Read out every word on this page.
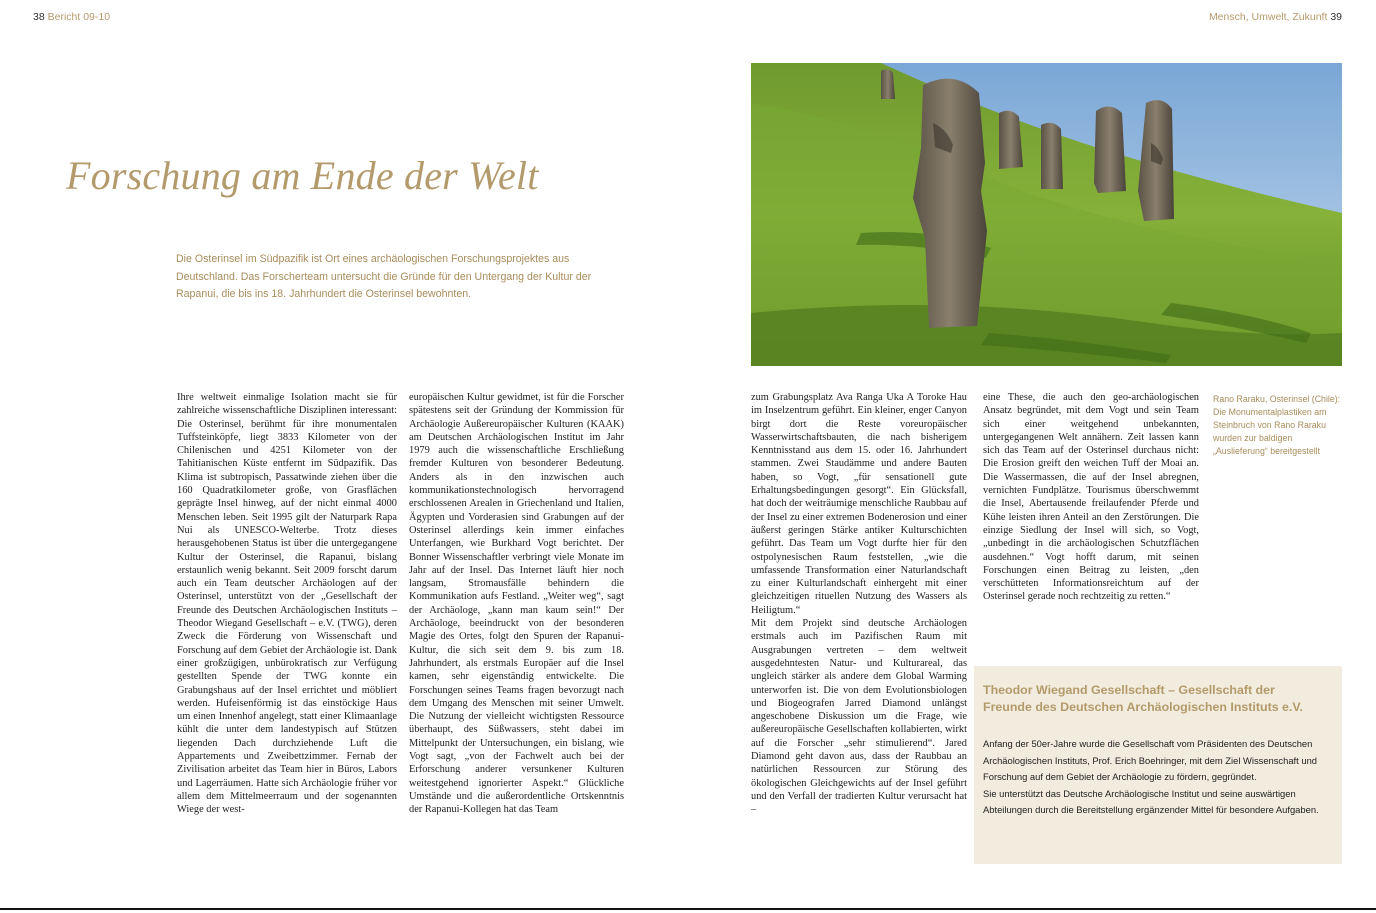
38 Bericht 09-10	Mensch, Umwelt, Zukunft 39
Forschung am Ende der Welt
Die Osterinsel im Südpazifik ist Ort eines archäologischen Forschungsprojektes aus Deutschland. Das Forscherteam untersucht die Gründe für den Untergang der Kultur der Rapanui, die bis ins 18. Jahrhundert die Osterinsel bewohnten.

Ihre weltweit einmalige Isolation macht sie für zahlreiche wissenschaftliche Disziplinen interessant: Die Osterinsel, berühmt für ihre monumentalen Tuffsteinköpfe, liegt 3833 Kilometer von der Chilenischen und 4251 Kilometer von der Tahitianischen Küste entfernt im Südpazifik. Das Klima ist subtropisch, Passatwinde ziehen über die 160 Quadratkilometer große, von Grasflächen geprägte Insel hinweg, auf der nicht einmal 4000 Menschen leben. Seit 1995 gilt der Naturpark Rapa Nui als UNESCO-Welterbe. Trotz dieses herausgehobenen Status ist über die untergegangene Kultur der Osterinsel, die Rapanui, bislang erstaunlich wenig bekannt. Seit 2009 forscht darum auch ein Team deutscher Archäologen auf der Osterinsel, unterstützt von der „Gesellschaft der Freunde des Deutschen Archäologischen Instituts – Theodor Wiegand Gesellschaft – e.V. (TWG), deren Zweck die Förderung von Wissenschaft und Forschung auf dem Gebiet der Archäologie ist. Dank einer großzügigen, unbürokratisch zur Verfügung gestellten Spende der TWG konnte ein Grabungshaus auf der Insel errichtet und möbliert werden. Hufeisenförmig ist das einstöckige Haus um einen Innenhof angelegt, statt einer Klimaanlage kühlt die unter dem landestypisch auf Stützen liegenden Dach durchziehende Luft die Appartements und Zweibettzimmer. Fernab der Zivilisation arbeitet das Team hier in Büros, Labors und Lagerräumen. Hatte sich Archäologie früher vor allem dem Mittelmeerraum und der sogenannten Wiege der west-

europäischen Kultur gewidmet, ist für die Forscher spätestens seit der Gründung der Kommission für Archäologie Außereuropäischer Kulturen (KAAK) am Deutschen Archäologischen Institut im Jahr 1979 auch die wissenschaftliche Erschließung fremder Kulturen von besonderer Bedeutung. Anders als in den inzwischen auch kommunikationstechnologisch hervorragend erschlossenen Arealen in Griechenland und Italien, Ägypten und Vorderasien sind Grabungen auf der Osterinsel allerdings kein immer einfaches Unterfangen, wie Burkhard Vogt berichtet. Der Bonner Wissenschaftler verbringt viele Monate im Jahr auf der Insel. Das Internet läuft hier noch langsam, Stromausfälle behindern die Kommunikation aufs Festland. „Weiter weg“, sagt der Archäologe, „kann man kaum sein!“ Der Archäologe, beeindruckt von der besonderen Magie des Ortes, folgt den Spuren der Rapanui-Kultur, die sich seit dem 9. bis zum 18. Jahrhundert, als erstmals Europäer auf die Insel kamen, sehr eigenständig entwickelte. Die Forschungen seines Teams fragen bevorzugt nach dem Umgang des Menschen mit seiner Umwelt. Die Nutzung der vielleicht wichtigsten Ressource überhaupt, des Süßwassers, steht dabei im Mittelpunkt der Untersuchungen, ein bislang, wie Vogt sagt, „von der Fachwelt auch bei der Erforschung anderer versunkener Kulturen weitestgehend ignorierter Aspekt.“ Glückliche Umstände und die außerordentliche Ortskenntnis der Rapanui-Kollegen hat das Team

zum Grabungsplatz Ava Ranga Uka A Toroke Hau im Inselzentrum geführt. Ein kleiner, enger Canyon birgt dort die Reste voreuropäischer Wasserwirtschaftsbauten, die nach bisherigem Kenntnisstand aus dem 15. oder 16. Jahrhundert stammen. Zwei Staudämme und andere Bauten haben, so Vogt, „für sensationell gute Erhaltungsbedingungen gesorgt“. Ein Glücksfall, hat doch der weiträumige menschliche Raubbau auf der Insel zu einer extremen Bodenerosion und einer äußerst geringen Stärke antiker Kulturschichten geführt. Das Team um Vogt durfte hier für den ostpolynesischen Raum feststellen, „wie die umfassende Transformation einer Naturlandschaft zu einer Kulturlandschaft einhergeht mit einer gleichzeitigen rituellen Nutzung des Wassers als Heiligtum.“

Mit dem Projekt sind deutsche Archäologen erstmals auch im Pazifischen Raum mit Ausgrabungen vertreten – dem weltweit ausgedehntesten Natur- und Kulturareal, das ungleich stärker als andere dem Global Warming unterworfen ist. Die von dem Evolutionsbiologen und Biogeografen Jarred Diamond unlängst angeschobene Diskussion um die Frage, wie außereuropäische Gesellschaften kollabierten, wirkt auf die Forscher „sehr stimulierend“. Jared Diamond geht davon aus, dass der Raubbau an natürlichen Ressourcen zur Störung des ökologischen Gleichgewichts auf der Insel geführt und den Verfall der tradierten Kultur verursacht hat –

eine These, die auch den geo-archäologischen Ansatz begründet, mit dem Vogt und sein Team sich einer weitgehend unbekannten, untergegangenen Welt annähern. Zeit lassen kann sich das Team auf der Osterinsel durchaus nicht: Die Erosion greift den weichen Tuff der Moai an. Die Wassermassen, die auf der Insel abregnen, vernichten Fundplätze. Tourismus überschwemmt die Insel, Abertausende freilaufender Pferde und Kühe leisten ihren Anteil an den Zerstörungen. Die einzige Siedlung der Insel will sich, so Vogt, „unbedingt in die archäologischen Schutzflächen ausdehnen.“ Vogt hofft darum, mit seinen Forschungen einen Beitrag zu leisten, „den verschütteten Informationsreichtum auf der Osterinsel gerade noch rechtzeitig zu retten.“

Rano Raraku, Osterinsel (Chile): Die Monumentalplastiken am Steinbruch von Rano Raraku wurden zur baldigen „Auslieferung“ bereitgestellt
Theodor Wiegand Gesellschaft – Gesellschaft der Freunde des Deutschen Archäologischen Instituts e.V.

Anfang der 50er-Jahre wurde die Gesellschaft vom Präsidenten des Deutschen Archäologischen Instituts, Prof. Erich Boehringer, mit dem Ziel Wissenschaft und Forschung auf dem Gebiet der Archäologie zu fördern, gegründet.

Sie unterstützt das Deutsche Archäologische Institut und seine auswärtigen Abteilungen durch die Bereitstellung ergänzender Mittel für besondere Aufgaben.
